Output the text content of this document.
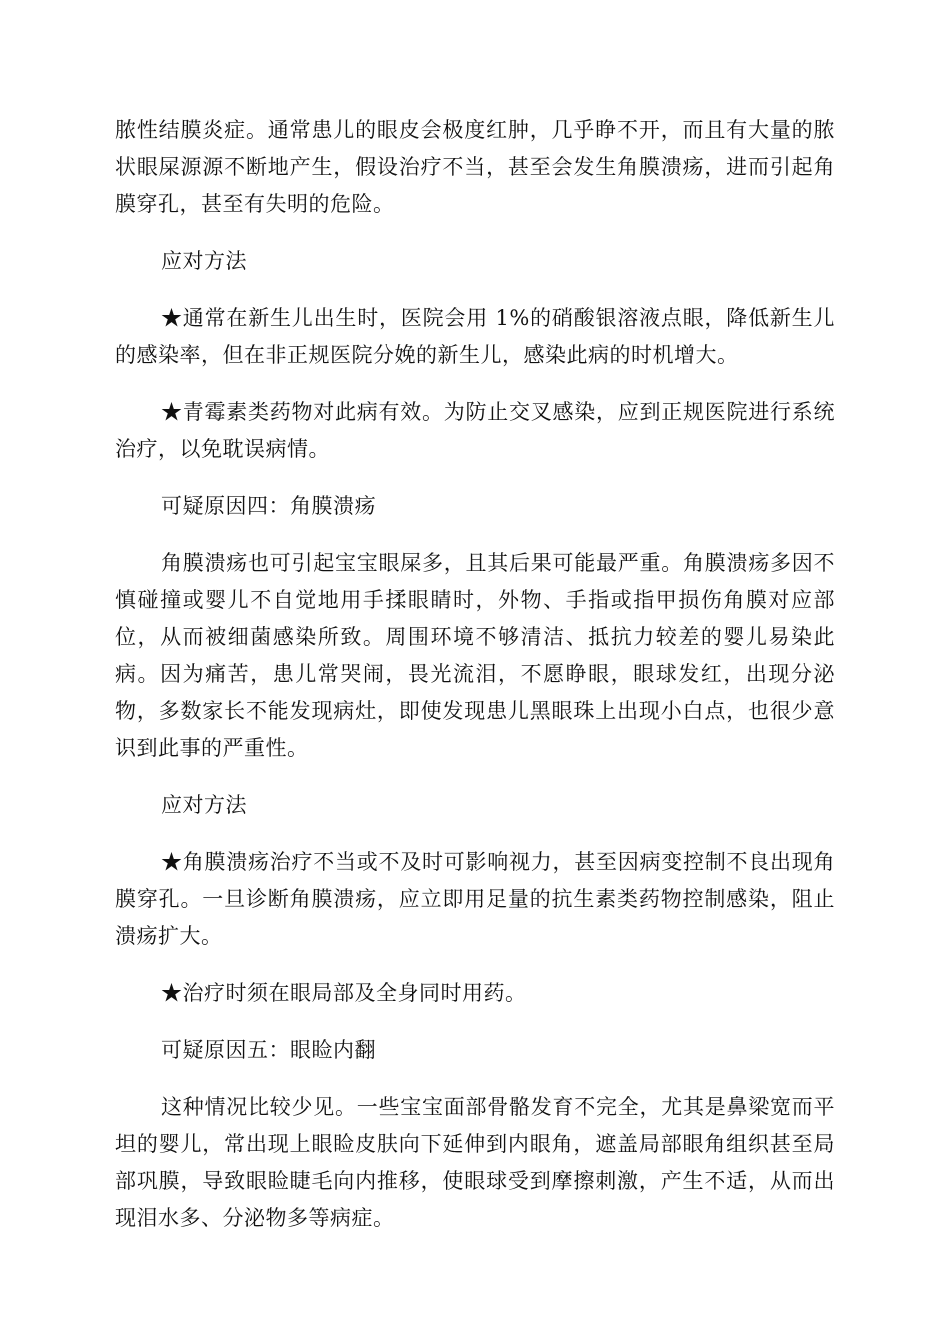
脓性结膜炎症。通常患儿的眼皮会极度红肿，几乎睁不开，而且有大量的脓状眼屎源源不断地产生，假设治疗不当，甚至会发生角膜溃疡，进而引起角膜穿孔，甚至有失明的危险。

应对方法

★通常在新生儿出生时，医院会用 1%的硝酸银溶液点眼，降低新生儿的感染率，但在非正规医院分娩的新生儿，感染此病的时机增大。

★青霉素类药物对此病有效。为防止交叉感染，应到正规医院进行系统治疗，以免耽误病情。

可疑原因四：角膜溃疡

角膜溃疡也可引起宝宝眼屎多，且其后果可能最严重。角膜溃疡多因不慎碰撞或婴儿不自觉地用手揉眼睛时，外物、手指或指甲损伤角膜对应部位，从而被细菌感染所致。周围环境不够清洁、抵抗力较差的婴儿易染此病。因为痛苦，患儿常哭闹，畏光流泪，不愿睁眼，眼球发红，出现分泌物，多数家长不能发现病灶，即使发现患儿黑眼珠上出现小白点，也很少意识到此事的严重性。

应对方法

★角膜溃疡治疗不当或不及时可影响视力，甚至因病变控制不良出现角膜穿孔。一旦诊断角膜溃疡，应立即用足量的抗生素类药物控制感染，阻止溃疡扩大。

★治疗时须在眼局部及全身同时用药。

可疑原因五：眼睑内翻

这种情况比较少见。一些宝宝面部骨骼发育不完全，尤其是鼻梁宽而平坦的婴儿，常出现上眼睑皮肤向下延伸到内眼角，遮盖局部眼角组织甚至局部巩膜，导致眼睑睫毛向内推移，使眼球受到摩擦刺激，产生不适，从而出现泪水多、分泌物多等病症。
